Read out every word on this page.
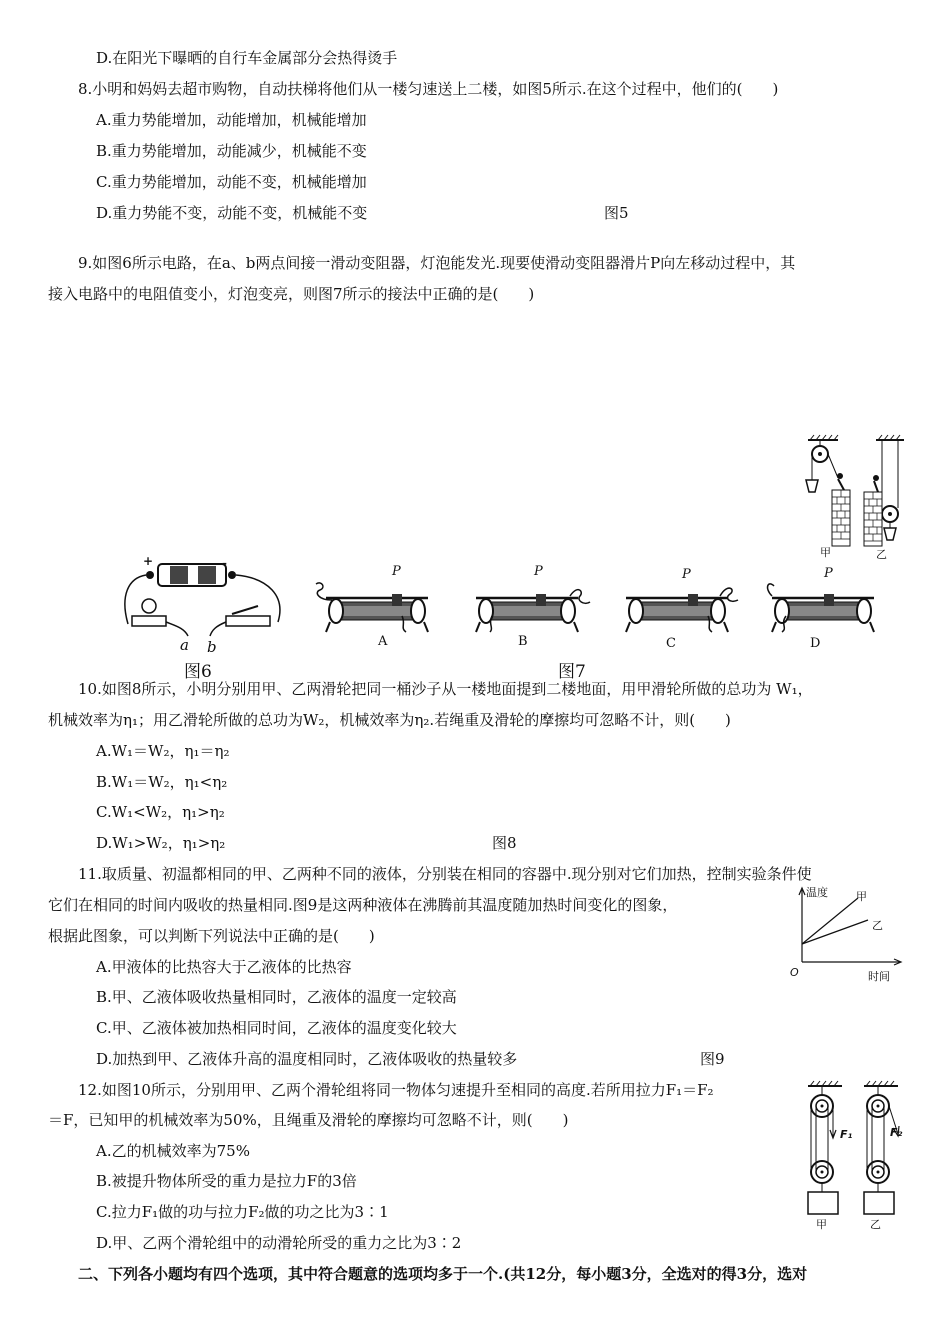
D.在阳光下曝晒的自行车金属部分会热得烫手
8.小明和妈妈去超市购物，自动扶梯将他们从一楼匀速送上二楼，如图5所示.在这个过程中，他们的(　　)
A.重力势能增加，动能增加，机械能增加
B.重力势能增加，动能减少，机械能不变
C.重力势能增加，动能不变，机械能增加
D.重力势能不变，动能不变，机械能不变	图5
9.如图6所示电路，在a、b两点间接一滑动变阻器，灯泡能发光.现要使滑动变阻器滑片P向左移动过程中，其
接入电路中的电阻值变小，灯泡变亮，则图7所示的接法中正确的是(　　)
甲	乙
+	-
a b
图6
P	P	P	P
A	B	C	D
图7
10.如图8所示，小明分别用甲、乙两滑轮把同一桶沙子从一楼地面提到二楼地面，用甲滑轮所做的总功为 W₁，
机械效率为η₁；用乙滑轮所做的总功为W₂，机械效率为η₂.若绳重及滑轮的摩擦均可忽略不计，则(　　)
A.W₁＝W₂，η₁＝η₂
B.W₁＝W₂，η₁<η₂
C.W₁<W₂，η₁>η₂
D.W₁>W₂，η₁>η₂	图8
11.取质量、初温都相同的甲、乙两种不同的液体，分别装在相同的容器中.现分别对它们加热，控制实验条件使
它们在相同的时间内吸收的热量相同.图9是这两种液体在沸腾前其温度随加热时间变化的图象，
根据此图象，可以判断下列说法中正确的是(　　)
A.甲液体的比热容大于乙液体的比热容
B.甲、乙液体吸收热量相同时，乙液体的温度一定较高
C.甲、乙液体被加热相同时间，乙液体的温度变化较大
D.加热到甲、乙液体升高的温度相同时，乙液体吸收的热量较多	图9
温度
时间
O
甲
乙
12.如图10所示，分别用甲、乙两个滑轮组将同一物体匀速提升至相同的高度.若所用拉力F₁＝F₂
＝F，已知甲的机械效率为50%，且绳重及滑轮的摩擦均可忽略不计，则(　　)
A.乙的机械效率为75%
B.被提升物体所受的重力是拉力F的3倍
C.拉力F₁做的功与拉力F₂做的功之比为3∶1
D.甲、乙两个滑轮组中的动滑轮所受的重力之比为3∶2
F₁	F₂
甲	乙
二、下列各小题均有四个选项，其中符合题意的选项均多于一个.(共12分，每小题3分，全选对的得3分，选对
